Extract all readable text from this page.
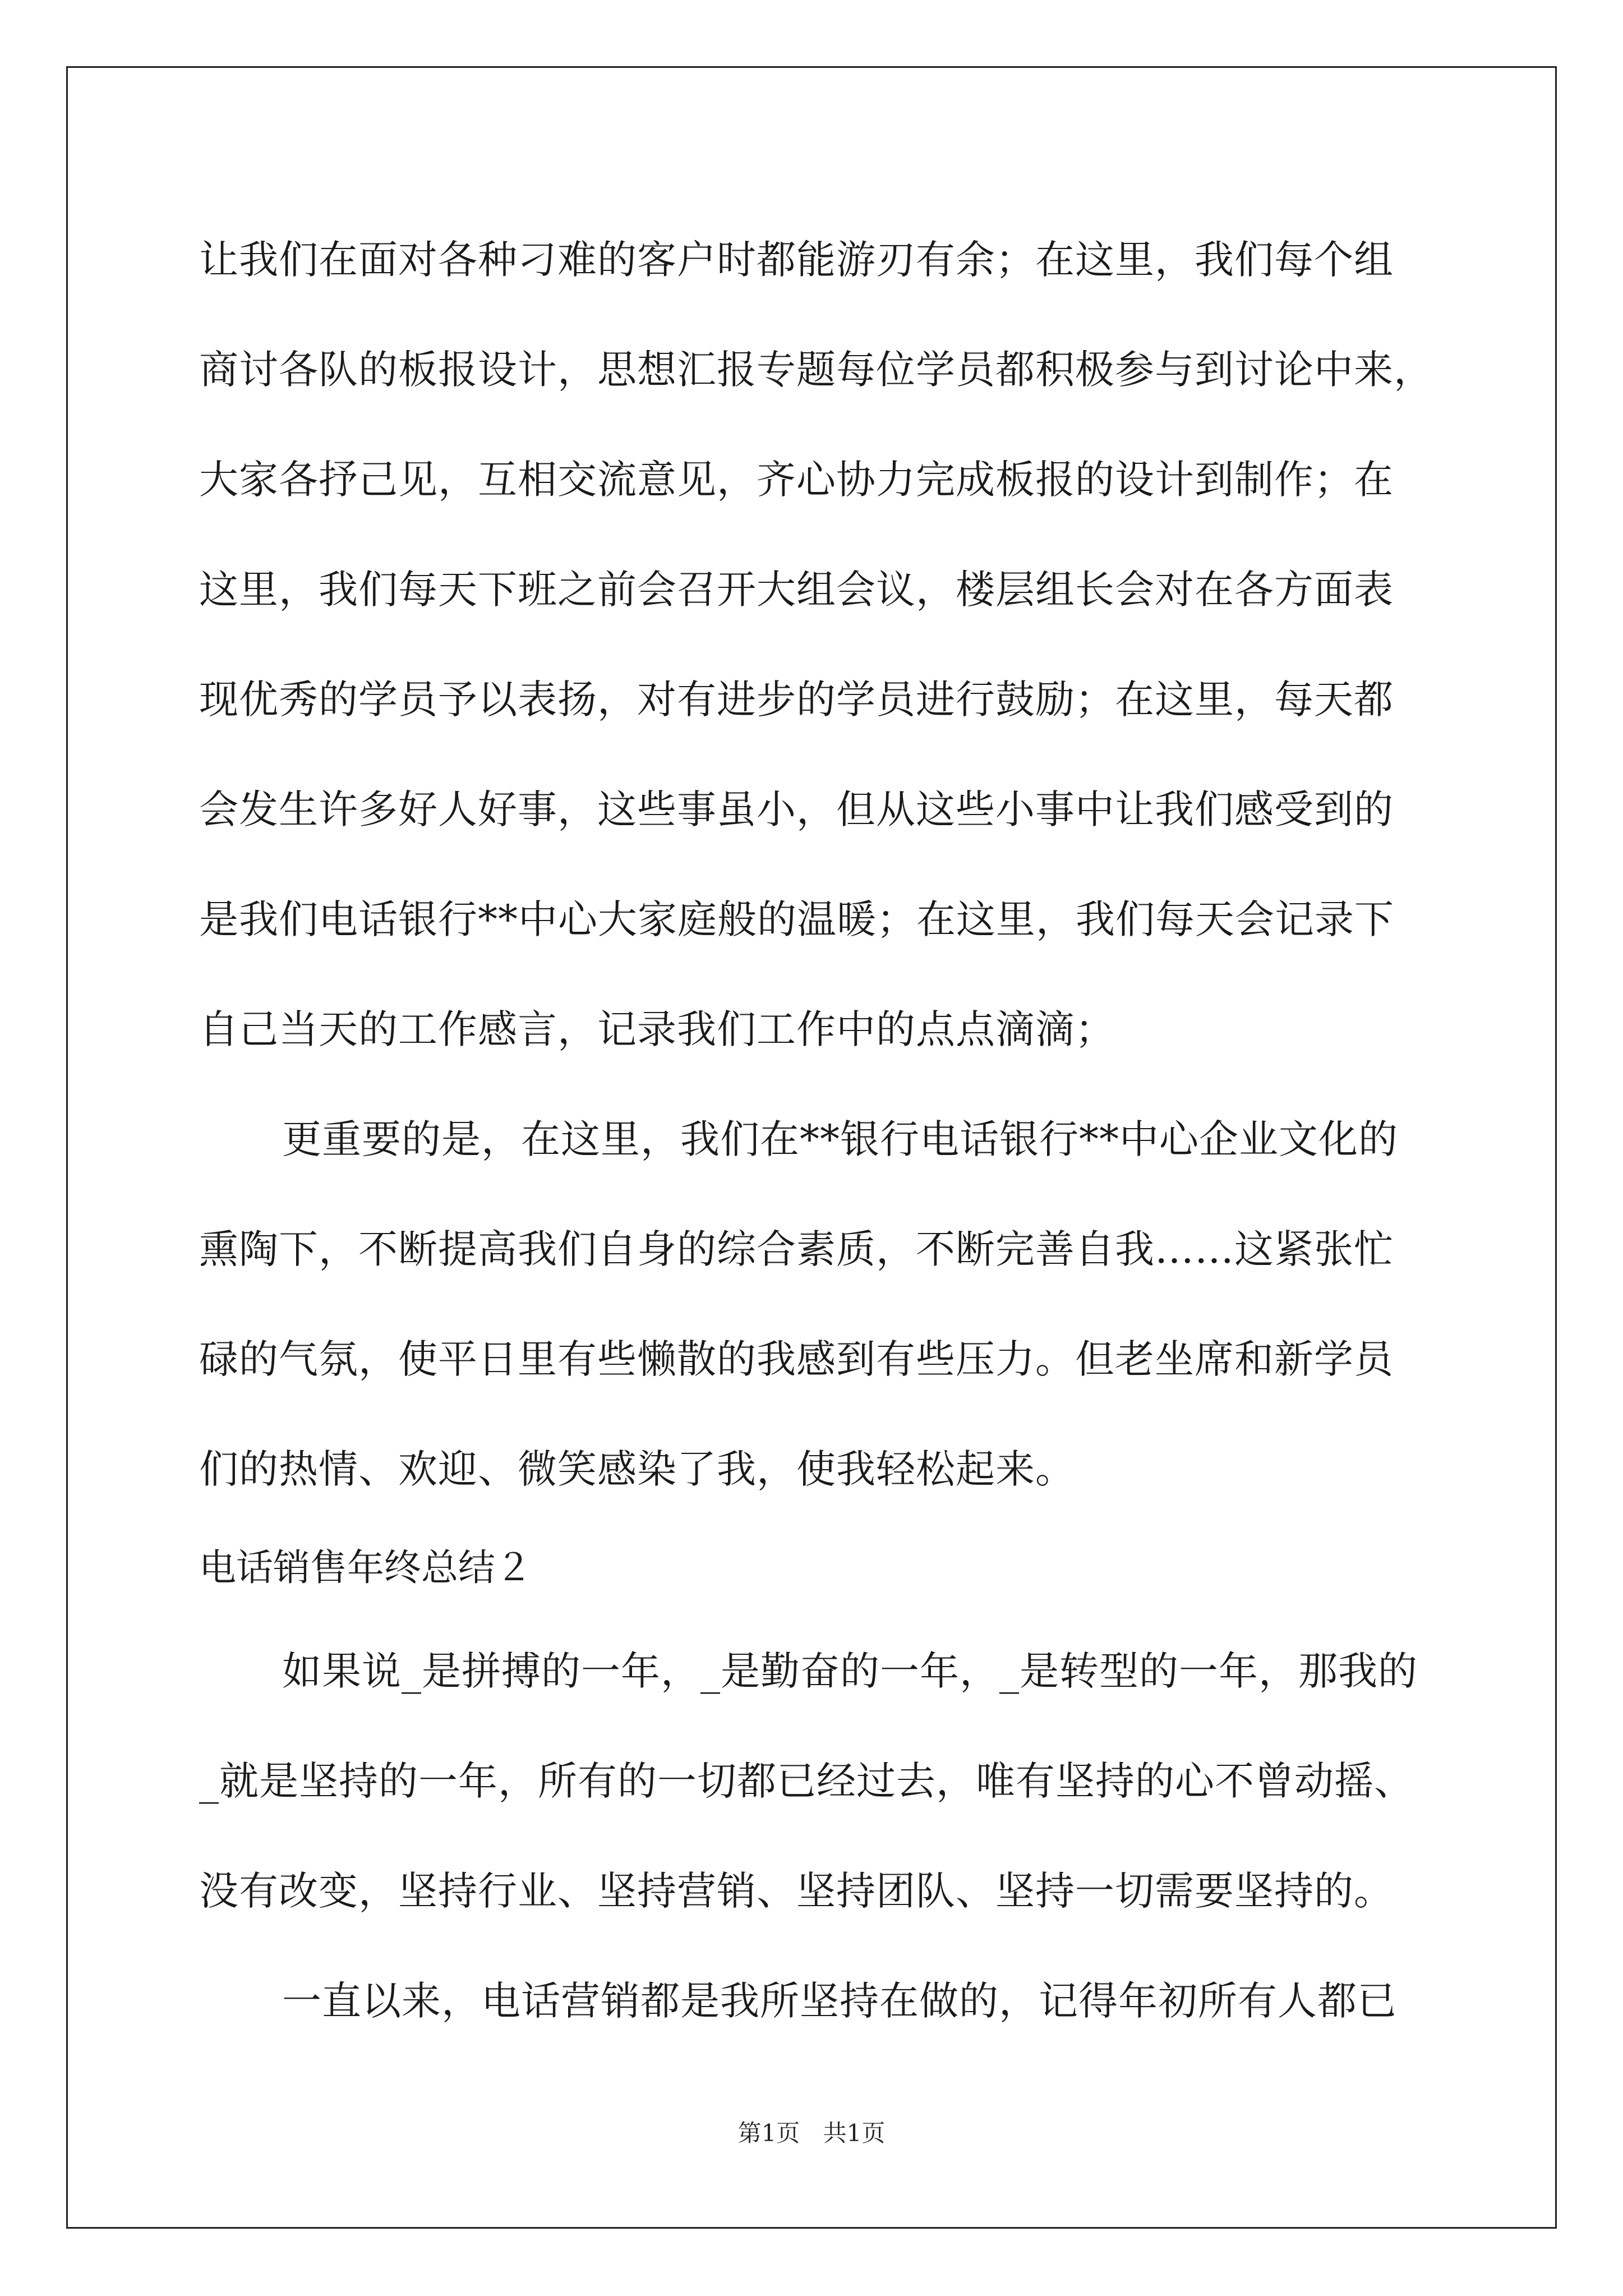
让我们在面对各种刁难的客户时都能游刃有余；在这里，我们每个组
商讨各队的板报设计，思想汇报专题每位学员都积极参与到讨论中来，
大家各抒己见，互相交流意见，齐心协力完成板报的设计到制作；在
这里，我们每天下班之前会召开大组会议，楼层组长会对在各方面表
现优秀的学员予以表扬，对有进步的学员进行鼓励；在这里，每天都
会发生许多好人好事，这些事虽小，但从这些小事中让我们感受到的
是我们电话银行**中心大家庭般的温暖；在这里，我们每天会记录下
自己当天的工作感言，记录我们工作中的点点滴滴；
更重要的是，在这里，我们在**银行电话银行**中心企业文化的
熏陶下，不断提高我们自身的综合素质，不断完善自我……这紧张忙
碌的气氛，使平日里有些懒散的我感到有些压力。但老坐席和新学员
们的热情、欢迎、微笑感染了我，使我轻松起来。
电话销售年终总结２
如果说_是拼搏的一年，_是勤奋的一年，_是转型的一年，那我的
_就是坚持的一年，所有的一切都已经过去，唯有坚持的心不曾动摇、
没有改变，坚持行业、坚持营销、坚持团队、坚持一切需要坚持的。
一直以来，电话营销都是我所坚持在做的，记得年初所有人都已
第1页 共1页
